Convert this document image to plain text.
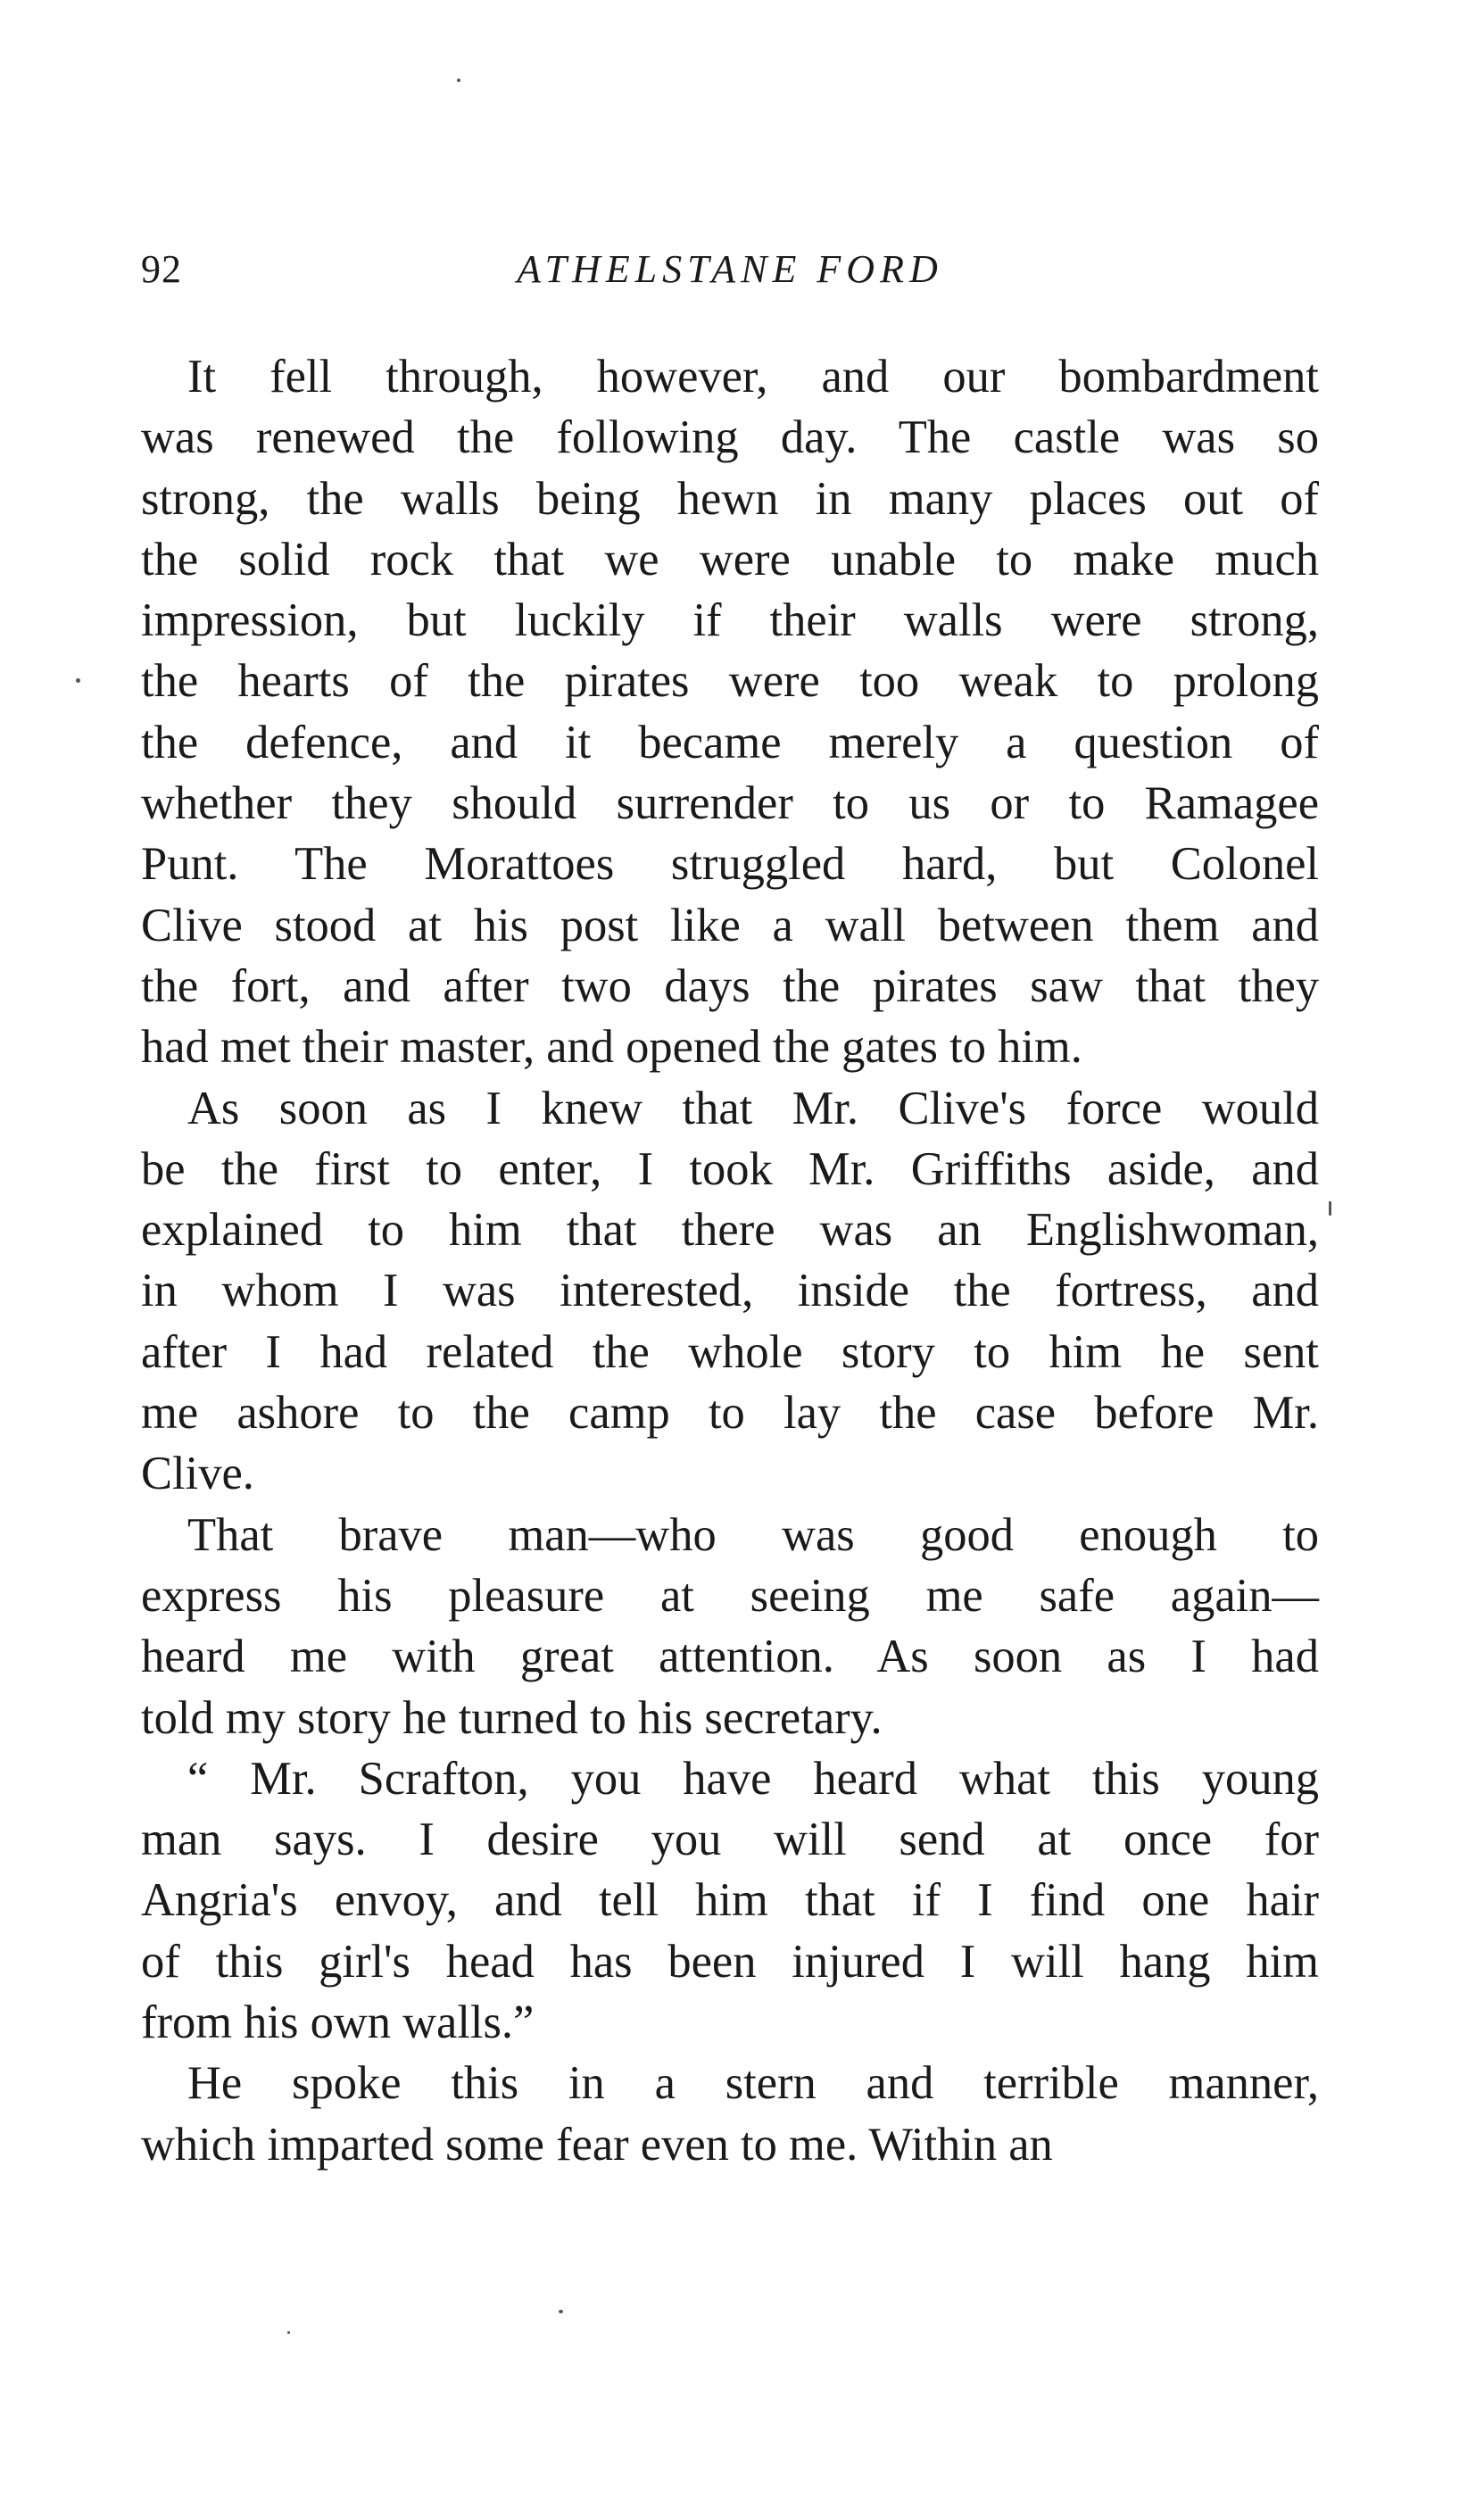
92	ATHELSTANE FORD
It fell through, however, and our bombardment
was renewed the following day. The castle was so
strong, the walls being hewn in many places out of
the solid rock that we were unable to make much
impression, but luckily if their walls were strong,
the hearts of the pirates were too weak to prolong
the defence, and it became merely a question of
whether they should surrender to us or to Ramagee
Punt. The Morattoes struggled hard, but Colonel
Clive stood at his post like a wall between them and
the fort, and after two days the pirates saw that they
had met their master, and opened the gates to him.
As soon as I knew that Mr. Clive's force would
be the first to enter, I took Mr. Griffiths aside, and
explained to him that there was an Englishwoman,
in whom I was interested, inside the fortress, and
after I had related the whole story to him he sent
me ashore to the camp to lay the case before Mr.
Clive.
That brave man—who was good enough to
express his pleasure at seeing me safe again—
heard me with great attention. As soon as I had
told my story he turned to his secretary.
“ Mr. Scrafton, you have heard what this young
man says. I desire you will send at once for
Angria's envoy, and tell him that if I find one hair
of this girl's head has been injured I will hang him
from his own walls.”
He spoke this in a stern and terrible manner,
which imparted some fear even to me. Within an
